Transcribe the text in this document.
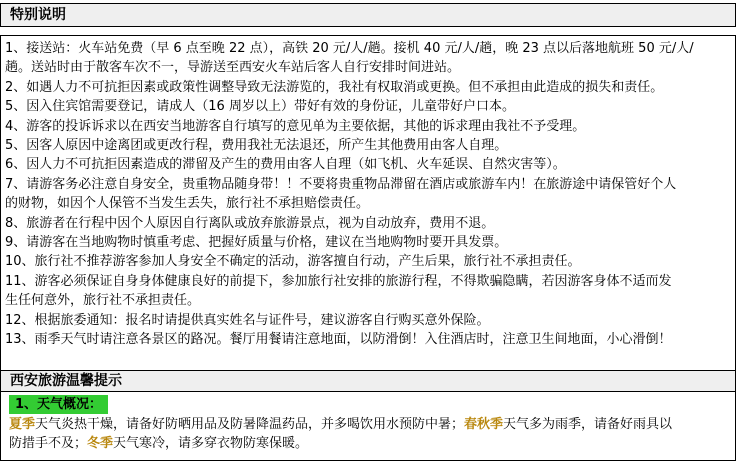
特别说明
1、接送站：火车站免费（早 6 点至晚 22 点），高铁 20 元/人/趟。接机 40 元/人/趟，晚 23 点以后落地航班 50 元/人/
趟。送站时由于散客车次不一，导游送至西安火车站后客人自行安排时间进站。
2、如遇人力不可抗拒因素或政策性调整导致无法游览的，我社有权取消或更换。但不承担由此造成的损失和责任。
5、因入住宾馆需要登记，请成人（16 周岁以上）带好有效的身份证，儿童带好户口本。
4、游客的投诉诉求以在西安当地游客自行填写的意见单为主要依据，其他的诉求理由我社不予受理。
5、因客人原因中途离团或更改行程，费用我社无法退还，所产生其他费用由客人自理。
6、因人力不可抗拒因素造成的滞留及产生的费用由客人自理（如飞机、火车延误、自然灾害等）。
7、请游客务必注意自身安全，贵重物品随身带！！不要将贵重物品滞留在酒店或旅游车内！在旅游途中请保管好个人
的财物，如因个人保管不当发生丢失，旅行社不承担赔偿责任。
8、旅游者在行程中因个人原因自行离队或放弃旅游景点，视为自动放弃，费用不退。
9、请游客在当地购物时慎重考虑、把握好质量与价格，建议在当地购物时要开具发票。
10、旅行社不推荐游客参加人身安全不确定的活动，游客擅自行动，产生后果，旅行社不承担责任。
11、游客必须保证自身身体健康良好的前提下，参加旅行社安排的旅游行程，不得欺骗隐瞒，若因游客身体不适而发
生任何意外，旅行社不承担责任。
12、根据旅委通知：报名时请提供真实姓名与证件号，建议游客自行购买意外保险。
13、雨季天气时请注意各景区的路况。餐厅用餐请注意地面，以防滑倒！入住酒店时，注意卫生间地面，小心滑倒！
西安旅游温馨提示
1、天气概况：
夏季天气炎热干燥，请备好防晒用品及防暑降温药品，并多喝饮用水预防中暑；春秋季天气多为雨季，请备好雨具以
防措手不及；冬季天气寒冷，请多穿衣物防寒保暖。
